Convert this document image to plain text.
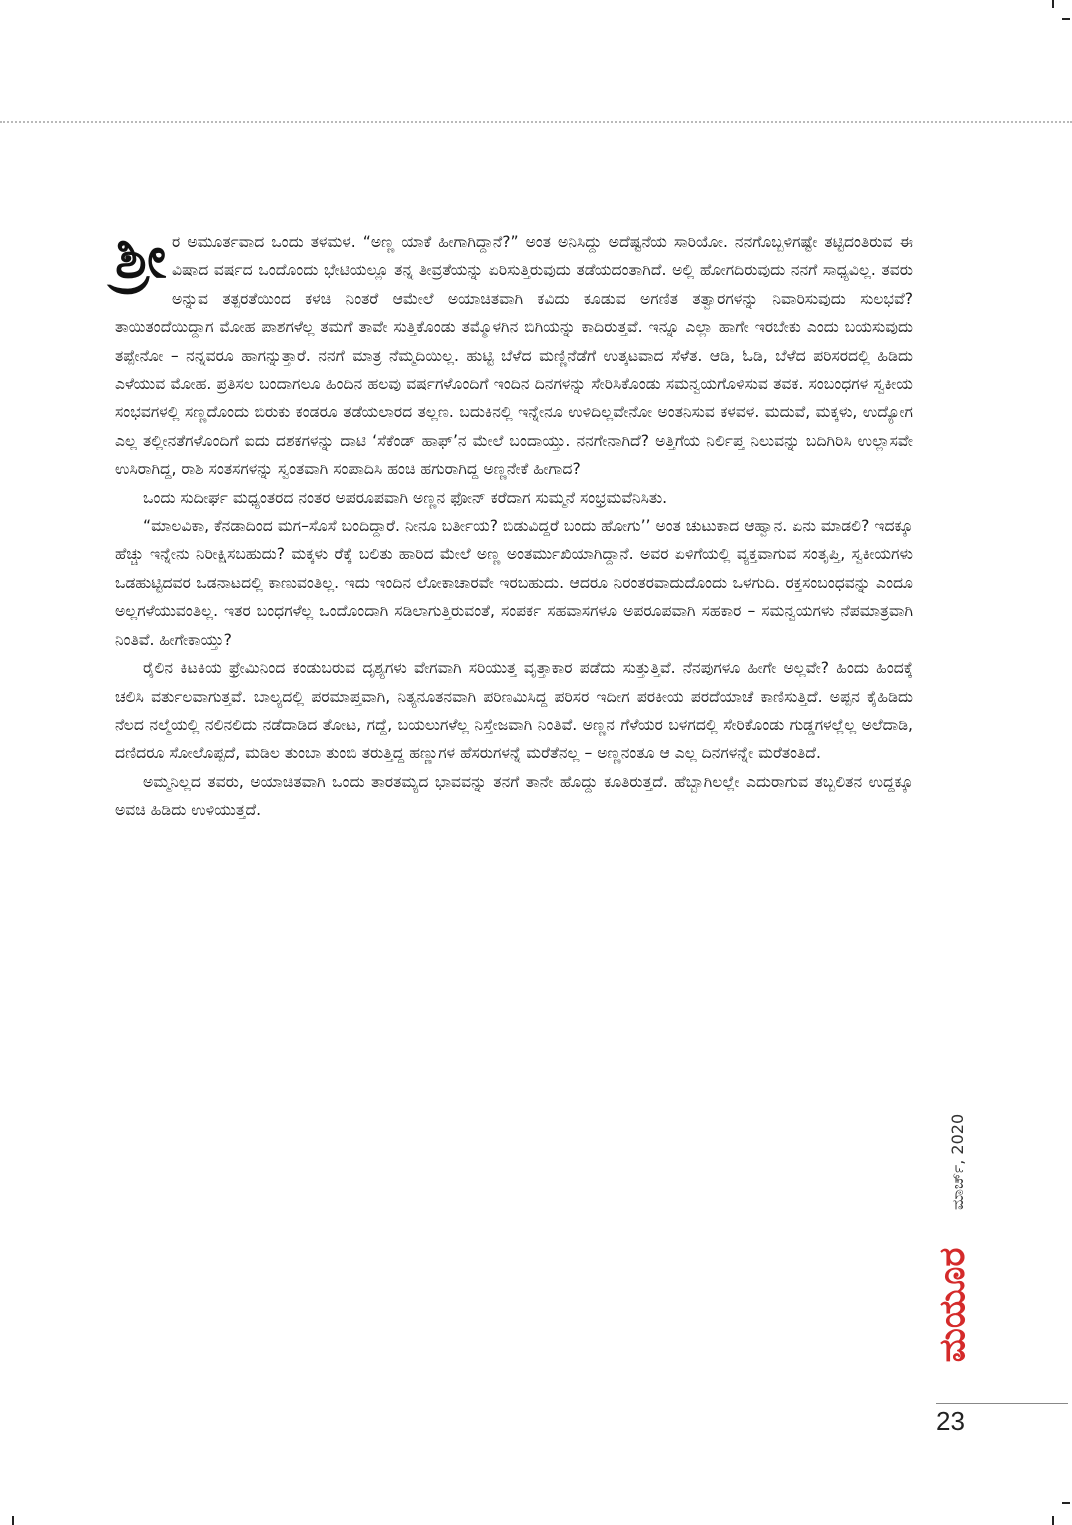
ಶ್ರೀ ರ ಅಮೂರ್ತವಾದ ಒಂದು ತಳಮಳ. “ಅಣ್ಣ ಯಾಕೆ ಹೀಗಾಗಿದ್ದಾನೆ?” ಅಂತ ಅನಿಸಿದ್ದು ಅದೆಷ್ಟನೆಯ ಸಾರಿಯೋ. ನನಗೊಬ್ಬಳಿಗಷ್ಟೇ ತಟ್ಟಿದಂತಿರುವ ಈ ವಿಷಾದ ವರ್ಷದ ಒಂದೊಂದು ಭೇಟಿಯಲ್ಲೂ ತನ್ನ ತೀವ್ರತೆಯನ್ನು ಏರಿಸುತ್ತಿರುವುದು ತಡೆಯದಂತಾಗಿದೆ. ಅಲ್ಲಿ ಹೋಗದಿರುವುದು ನನಗೆ ಸಾಧ್ಯವಿಲ್ಲ. ತವರು ಅನ್ನುವ ತತ್ಪರತೆಯಿಂದ ಕಳಚಿ ನಿಂತರೆ ಆಮೇಲೆ ಅಯಾಚಿತವಾಗಿ ಕವಿದು ಕೂಡುವ ಅಗಣಿತ ತತ್ವಾರಗಳನ್ನು ನಿವಾರಿಸುವುದು ಸುಲಭವೆ? ತಾಯಿತಂದೆಯಿದ್ದಾಗ ಮೋಹ ಪಾಶಗಳೆಲ್ಲ ತಮಗೆ ತಾವೇ ಸುತ್ತಿಕೊಂಡು ತಮ್ಮೊಳಗಿನ ಬಿಗಿಯನ್ನು ಕಾದಿರುತ್ತವೆ. ಇನ್ನೂ ಎಲ್ಲಾ ಹಾಗೇ ಇರಬೇಕು ಎಂದು ಬಯಸುವುದು ತಪ್ಪೇನೋ – ನನ್ನವರೂ ಹಾಗನ್ನುತ್ತಾರೆ. ನನಗೆ ಮಾತ್ರ ನೆಮ್ಮದಿಯಿಲ್ಲ. ಹುಟ್ಟಿ ಬೆಳೆದ ಮಣ್ಣಿನೆಡೆಗೆ ಉತ್ಕಟವಾದ ಸೆಳೆತ. ಆಡಿ, ಓಡಿ, ಬೆಳೆದ ಪರಿಸರದಲ್ಲಿ ಹಿಡಿದು ಎಳೆಯುವ ಮೋಹ. ಪ್ರತಿಸಲ ಬಂದಾಗಲೂ ಹಿಂದಿನ ಹಲವು ವರ್ಷಗಳೊಂದಿಗೆ ಇಂದಿನ ದಿನಗಳನ್ನು ಸೇರಿಸಿಕೊಂಡು ಸಮನ್ವಯಗೊಳಿಸುವ ತವಕ. ಸಂಬಂಧಗಳ ಸ್ವಕೀಯ ಸಂಭವಗಳಲ್ಲಿ ಸಣ್ಣದೊಂದು ಬಿರುಕು ಕಂಡರೂ ತಡೆಯಲಾರದ ತಲ್ಲಣ. ಬದುಕಿನಲ್ಲಿ ಇನ್ನೇನೂ ಉಳಿದಿಲ್ಲವೇನೋ ಅಂತನಿಸುವ ಕಳವಳ. ಮದುವೆ, ಮಕ್ಕಳು, ಉದ್ಯೋಗ ಎಲ್ಲ ತಲ್ಲೀನತೆಗಳೊಂದಿಗೆ ಐದು ದಶಕಗಳನ್ನು ದಾಟಿ ‘ಸೆಕೆಂಡ್ ಹಾಫ್’ನ ಮೇಲೆ ಬಂದಾಯ್ತು. ನನಗೇನಾಗಿದೆ? ಅತ್ತಿಗೆಯ ನಿರ್ಲಿಪ್ತ ನಿಲುವನ್ನು ಬದಿಗಿರಿಸಿ ಉಲ್ಲಾಸವೇ ಉಸಿರಾಗಿದ್ದ, ರಾಶಿ ಸಂತಸಗಳನ್ನು ಸ್ವಂತವಾಗಿ ಸಂಪಾದಿಸಿ ಹಂಚಿ ಹಗುರಾಗಿದ್ದ ಅಣ್ಣನೇಕೆ ಹೀಗಾದ?

ಒಂದು ಸುದೀರ್ಘ ಮಧ್ಯಂತರದ ನಂತರ ಅಪರೂಪವಾಗಿ ಅಣ್ಣನ ಫೋನ್ ಕರೆದಾಗ ಸುಮ್ಮನೆ ಸಂಭ್ರಮವೆನಿಸಿತು.

“ಮಾಲವಿಕಾ, ಕೆನಡಾದಿಂದ ಮಗ–ಸೊಸೆ ಬಂದಿದ್ದಾರೆ. ನೀನೂ ಬರ್ತೀಯ? ಬಿಡುವಿದ್ದರೆ ಬಂದು ಹೋಗು’’ ಅಂತ ಚುಟುಕಾದ ಆಹ್ವಾನ. ಏನು ಮಾಡಲಿ? ಇದಕ್ಕೂ ಹೆಚ್ಚು ಇನ್ನೇನು ನಿರೀಕ್ಷಿಸಬಹುದು? ಮಕ್ಕಳು ರೆಕ್ಕೆ ಬಲಿತು ಹಾರಿದ ಮೇಲೆ ಅಣ್ಣ ಅಂತರ್ಮುಖಿಯಾಗಿದ್ದಾನೆ. ಅವರ ಏಳಿಗೆಯಲ್ಲಿ ವ್ಯಕ್ತವಾಗುವ ಸಂತೃಪ್ತಿ, ಸ್ವಕೀಯಗಳು ಒಡಹುಟ್ಟಿದವರ ಒಡನಾಟದಲ್ಲಿ ಕಾಣುವಂತಿಲ್ಲ. ಇದು ಇಂದಿನ ಲೋಕಾಚಾರವೇ ಇರಬಹುದು. ಆದರೂ ನಿರಂತರವಾದುದೊಂದು ಒಳಗುದಿ. ರಕ್ತಸಂಬಂಧವನ್ನು ಎಂದೂ ಅಲ್ಲಗಳೆಯುವಂತಿಲ್ಲ. ಇತರ ಬಂಧಗಳೆಲ್ಲ ಒಂದೊಂದಾಗಿ ಸಡಿಲಾಗುತ್ತಿರುವಂತೆ, ಸಂಪರ್ಕ ಸಹವಾಸಗಳೂ ಅಪರೂಪವಾಗಿ ಸಹಕಾರ – ಸಮನ್ವಯಗಳು ನೆಪಮಾತ್ರವಾಗಿ ನಿಂತಿವೆ. ಹೀಗೇಕಾಯ್ತು?

ರೈಲಿನ ಕಿಟಕಿಯ ಫ್ರೇಮಿನಿಂದ ಕಂಡುಬರುವ ದೃಶ್ಯಗಳು ವೇಗವಾಗಿ ಸರಿಯುತ್ತ ವೃತ್ತಾಕಾರ ಪಡೆದು ಸುತ್ತುತ್ತಿವೆ. ನೆನಪುಗಳೂ ಹೀಗೇ ಅಲ್ಲವೇ? ಹಿಂದು ಹಿಂದಕ್ಕೆ ಚಲಿಸಿ ವರ್ತುಲವಾಗುತ್ತವೆ. ಬಾಲ್ಯದಲ್ಲಿ ಪರಮಾಪ್ತವಾಗಿ, ನಿತ್ಯನೂತನವಾಗಿ ಪರಿಣಮಿಸಿದ್ದ ಪರಿಸರ ಇದೀಗ ಪರಕೀಯ ಪರದೆಯಾಚೆ ಕಾಣಿಸುತ್ತಿದೆ. ಅಪ್ಪನ ಕೈಹಿಡಿದು ನೆಲದ ನಲ್ಮೆಯಲ್ಲಿ ನಲಿನಲಿದು ನಡೆದಾಡಿದ ತೋಟ, ಗದ್ದೆ, ಬಯಲುಗಳೆಲ್ಲ ನಿಸ್ತೇಜವಾಗಿ ನಿಂತಿವೆ. ಅಣ್ಣನ ಗೆಳೆಯರ ಬಳಗದಲ್ಲಿ ಸೇರಿಕೊಂಡು ಗುಡ್ಡಗಳಲ್ಲೆಲ್ಲ ಅಲೆದಾಡಿ, ದಣಿದರೂ ಸೋಲೊಪ್ಪದೆ, ಮಡಿಲ ತುಂಬಾ ತುಂಬಿ ತರುತ್ತಿದ್ದ ಹಣ್ಣುಗಳ ಹೆಸರುಗಳನ್ನೆ ಮರೆತೆನಲ್ಲ – ಅಣ್ಣನಂತೂ ಆ ಎಲ್ಲ ದಿನಗಳನ್ನೇ ಮರೆತಂತಿದೆ.

ಅಮ್ಮನಿಲ್ಲದ ತವರು, ಅಯಾಚಿತವಾಗಿ ಒಂದು ತಾರತಮ್ಯದ ಭಾವವನ್ನು ತನಗೆ ತಾನೇ ಹೊದ್ದು ಕೂತಿರುತ್ತದೆ. ಹೆಬ್ಬಾಗಿಲಲ್ಲೇ ಎದುರಾಗುವ ತಬ್ಬಲಿತನ ಉದ್ದಕ್ಕೂ ಅವಚಿ ಹಿಡಿದು ಉಳಿಯುತ್ತದೆ.

ಮಾರ್ಚ್, 2020
ಮಯೂರ
23
